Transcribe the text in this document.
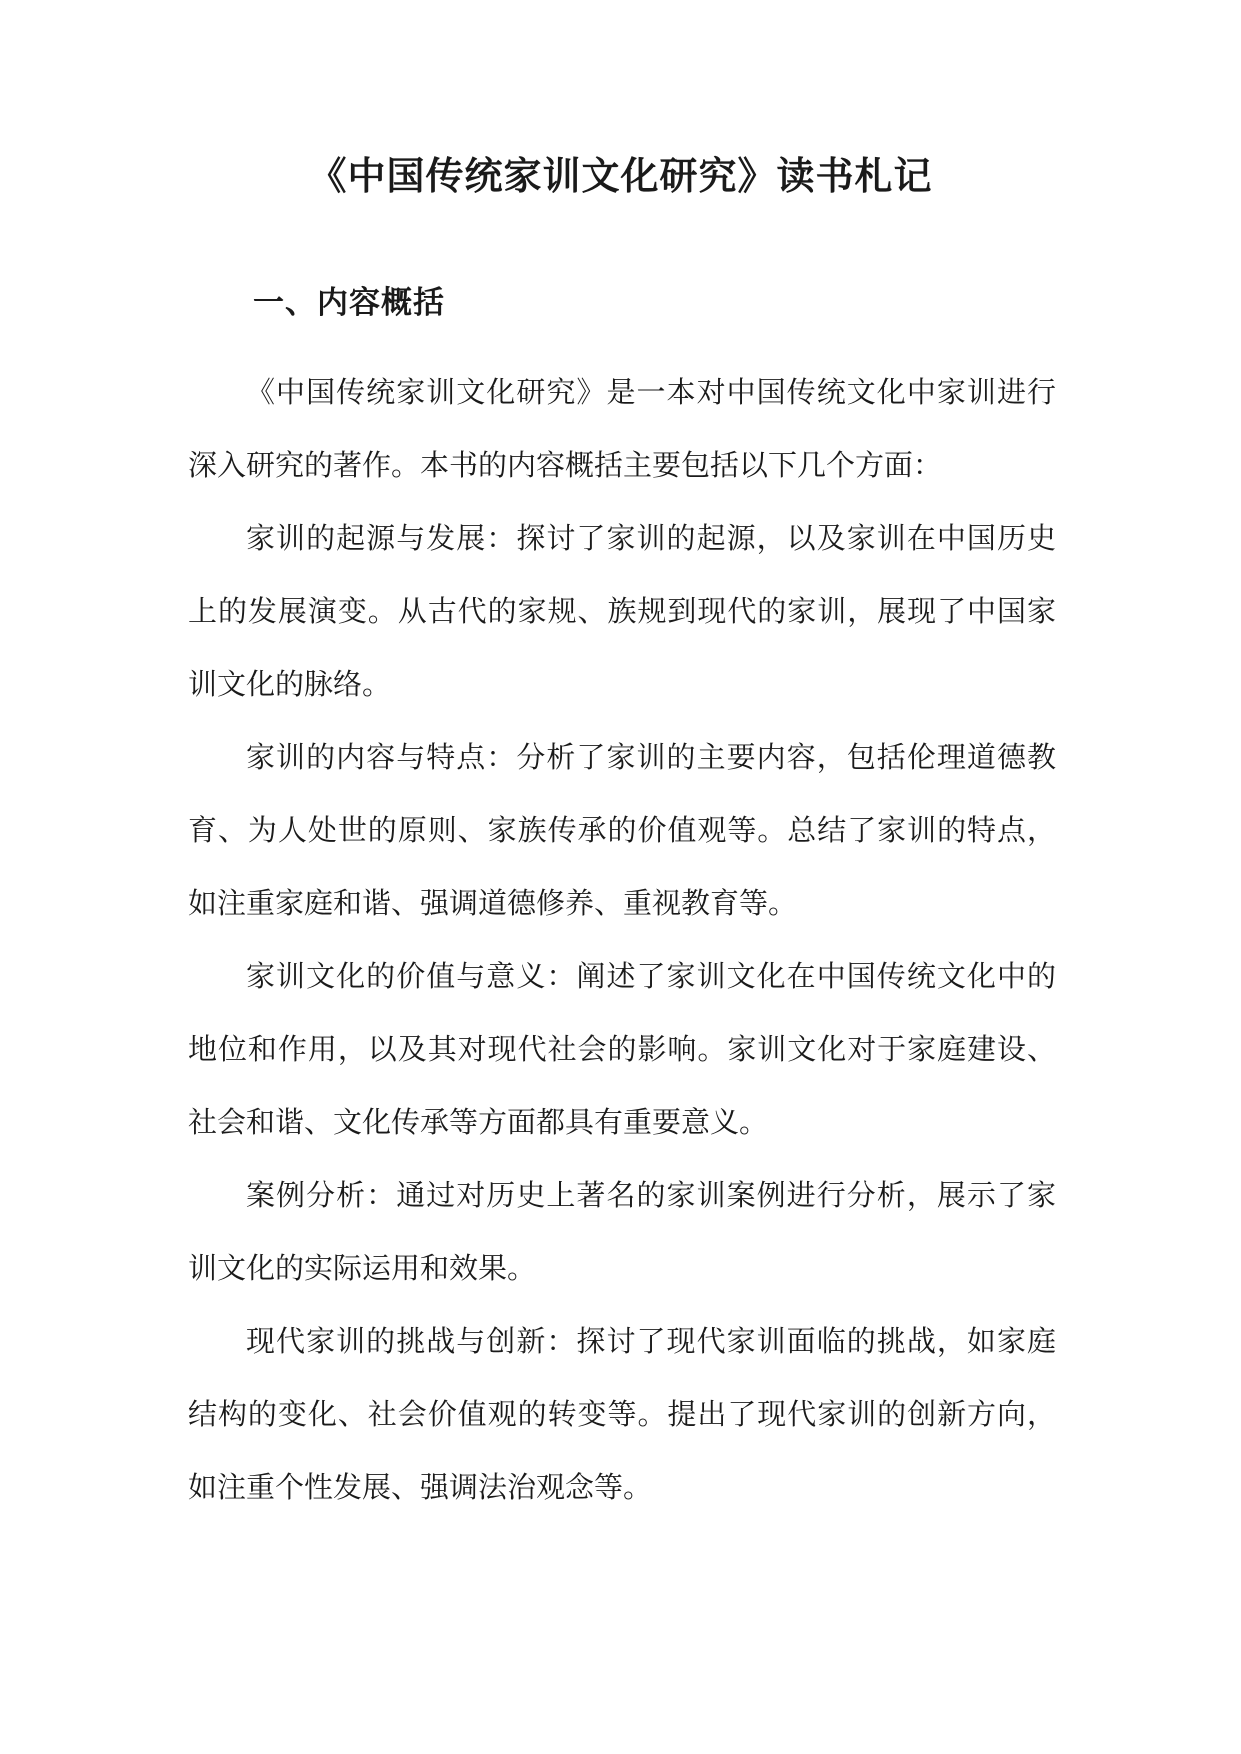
《中国传统家训文化研究》读书札记
一、内容概括

《中国传统家训文化研究》是一本对中国传统文化中家训进行深入研究的著作。本书的内容概括主要包括以下几个方面：

家训的起源与发展：探讨了家训的起源，以及家训在中国历史上的发展演变。从古代的家规、族规到现代的家训，展现了中国家训文化的脉络。

家训的内容与特点：分析了家训的主要内容，包括伦理道德教育、为人处世的原则、家族传承的价值观等。总结了家训的特点，如注重家庭和谐、强调道德修养、重视教育等。

家训文化的价值与意义：阐述了家训文化在中国传统文化中的地位和作用，以及其对现代社会的影响。家训文化对于家庭建设、社会和谐、文化传承等方面都具有重要意义。

案例分析：通过对历史上著名的家训案例进行分析，展示了家训文化的实际运用和效果。

现代家训的挑战与创新：探讨了现代家训面临的挑战，如家庭结构的变化、社会价值观的转变等。提出了现代家训的创新方向，如注重个性发展、强调法治观念等。
